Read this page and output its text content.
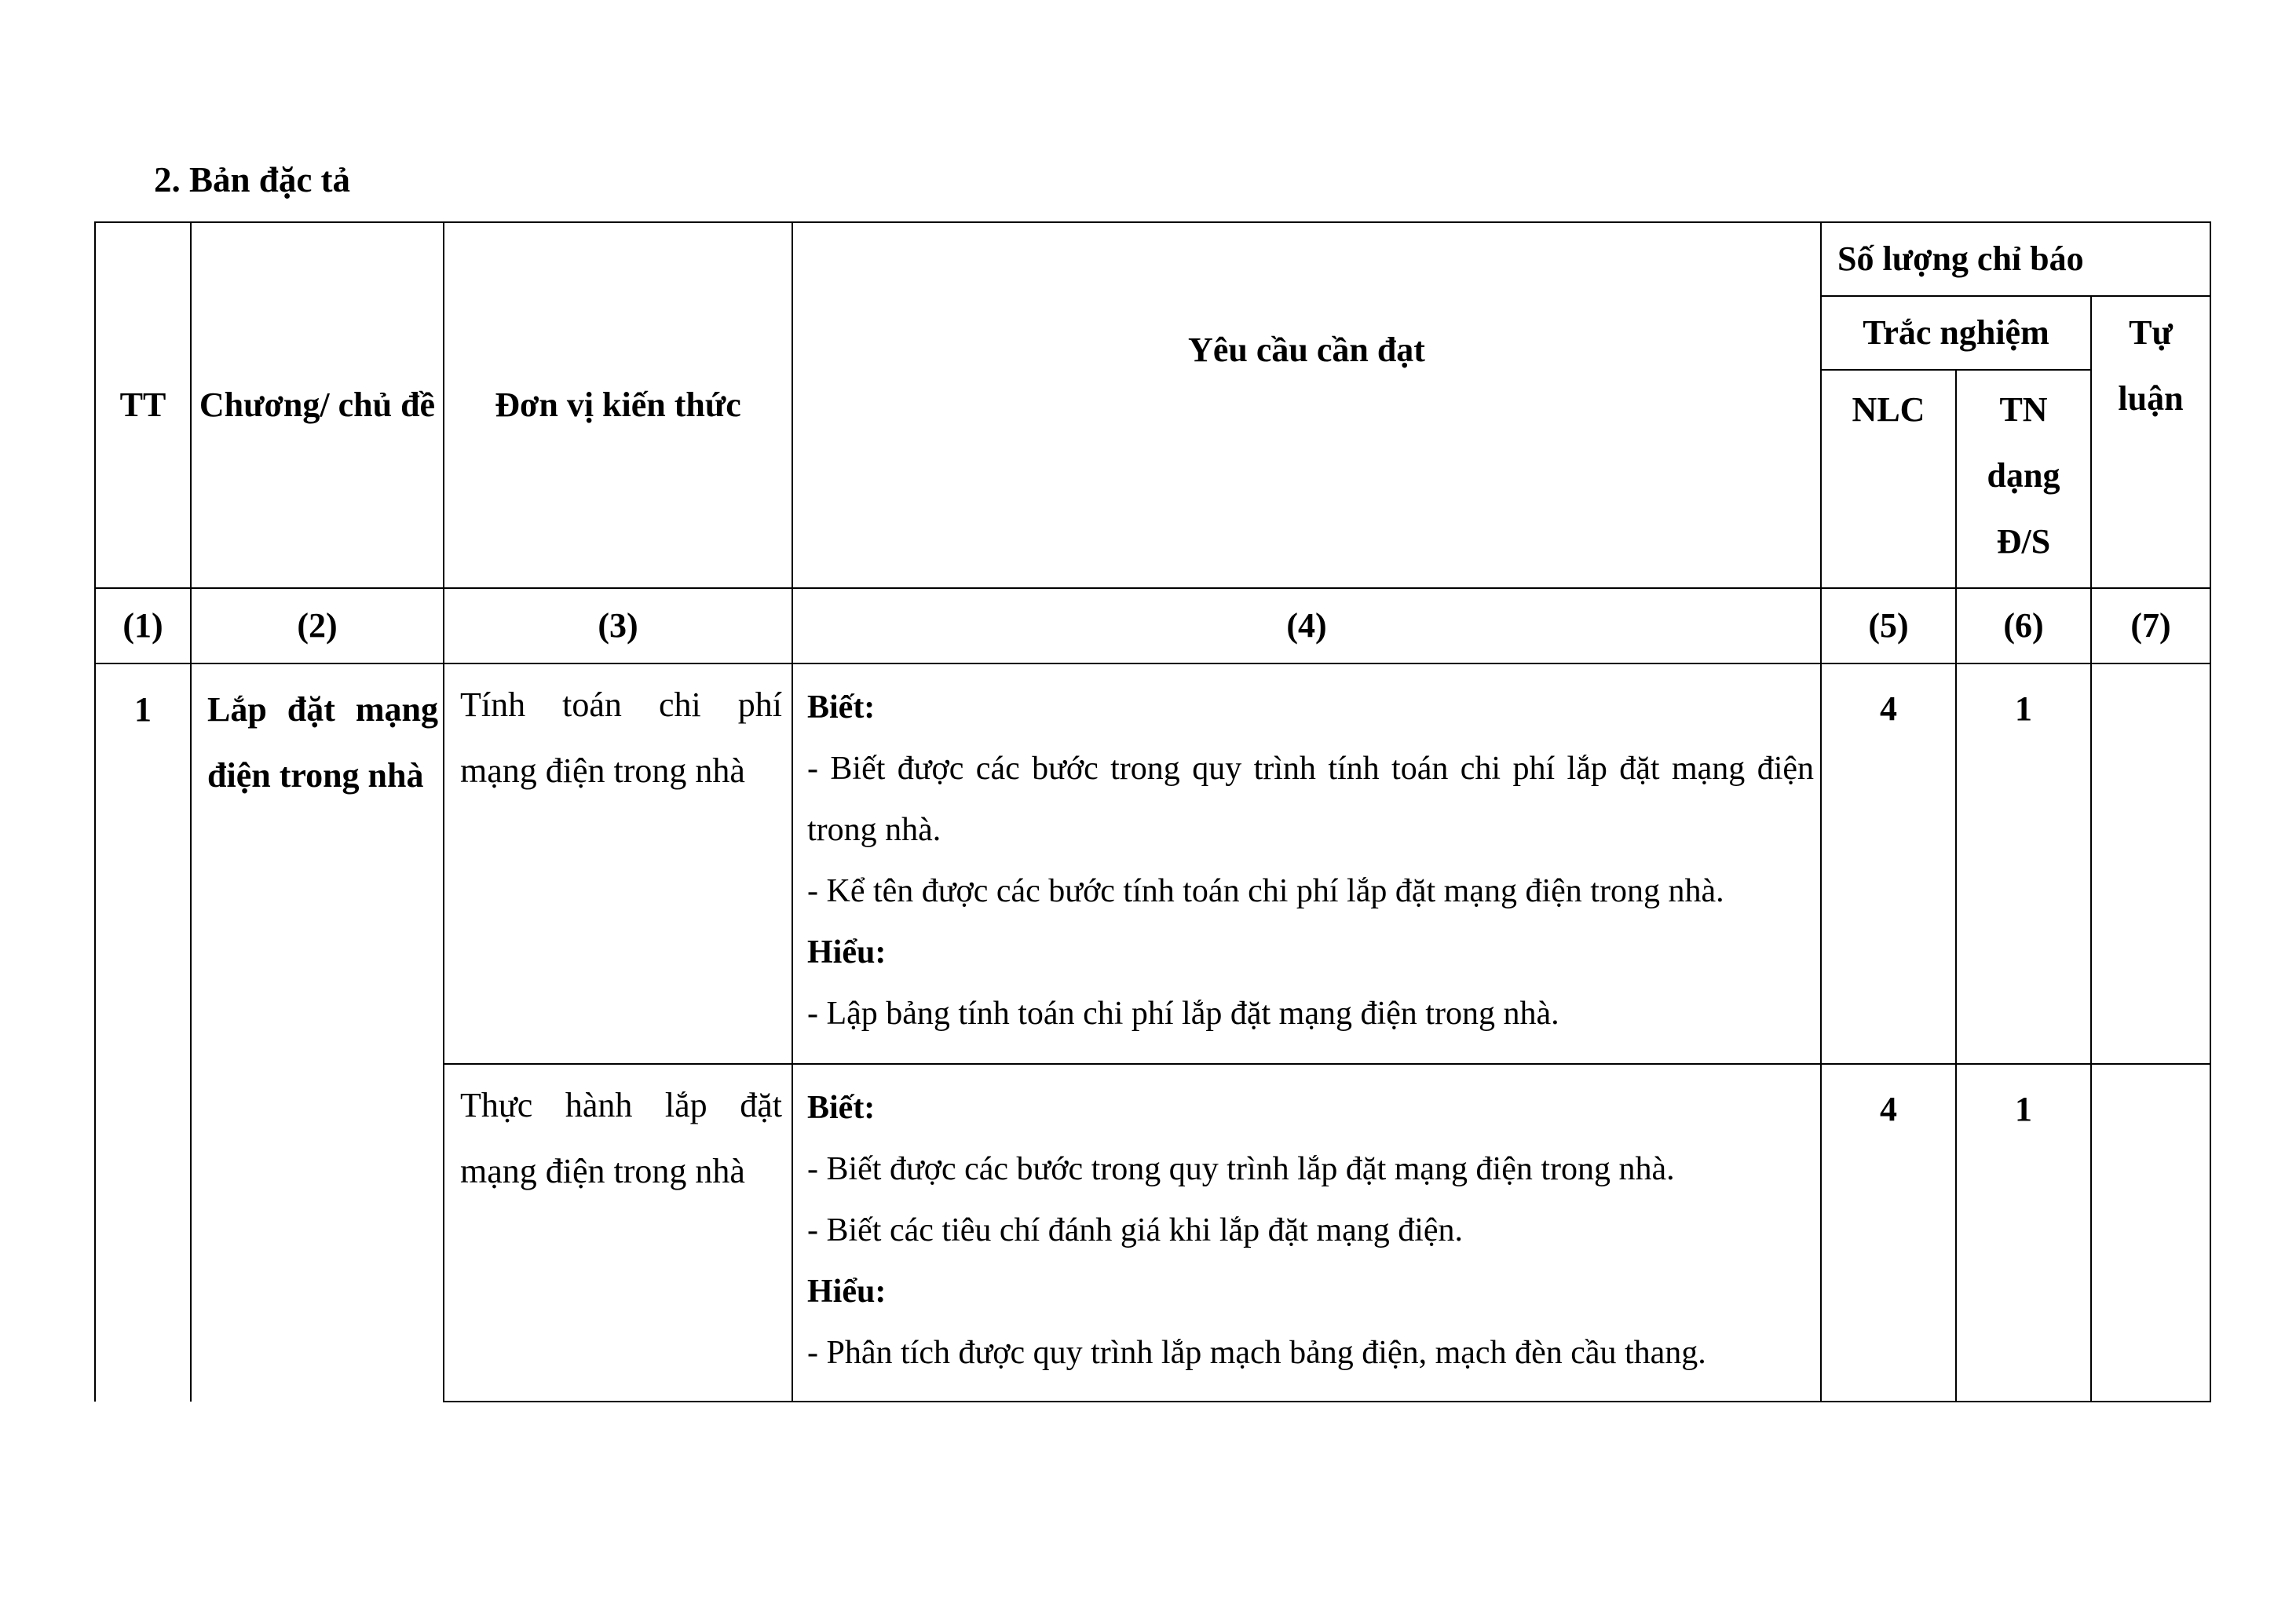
2. Bản đặc tả
TT	Chương/ chủ đề	Đơn vị kiến thức	Yêu cầu cần đạt	Số lượng chỉ báo		
				Trắc nghiệm		Tự luận
				NLC	TN dạng Đ/S	
(1)	(2)	(3)	(4)	(5)	(6)	(7)
1	Lắp đặt mạng điện trong nhà	Tính toán chi phí mạng điện trong nhà	Biết:
- Biết được các bước trong quy trình tính toán chi phí lắp đặt mạng điện trong nhà.
- Kể tên được các bước tính toán chi phí lắp đặt mạng điện trong nhà.
Hiểu:
- Lập bảng tính toán chi phí lắp đặt mạng điện trong nhà.	4	1	
		Thực hành lắp đặt mạng điện trong nhà	Biết:
- Biết được các bước trong quy trình lắp đặt mạng điện trong nhà.
- Biết các tiêu chí đánh giá khi lắp đặt mạng điện.
Hiểu:
- Phân tích được quy trình lắp mạch bảng điện, mạch đèn cầu thang.	4	1	
